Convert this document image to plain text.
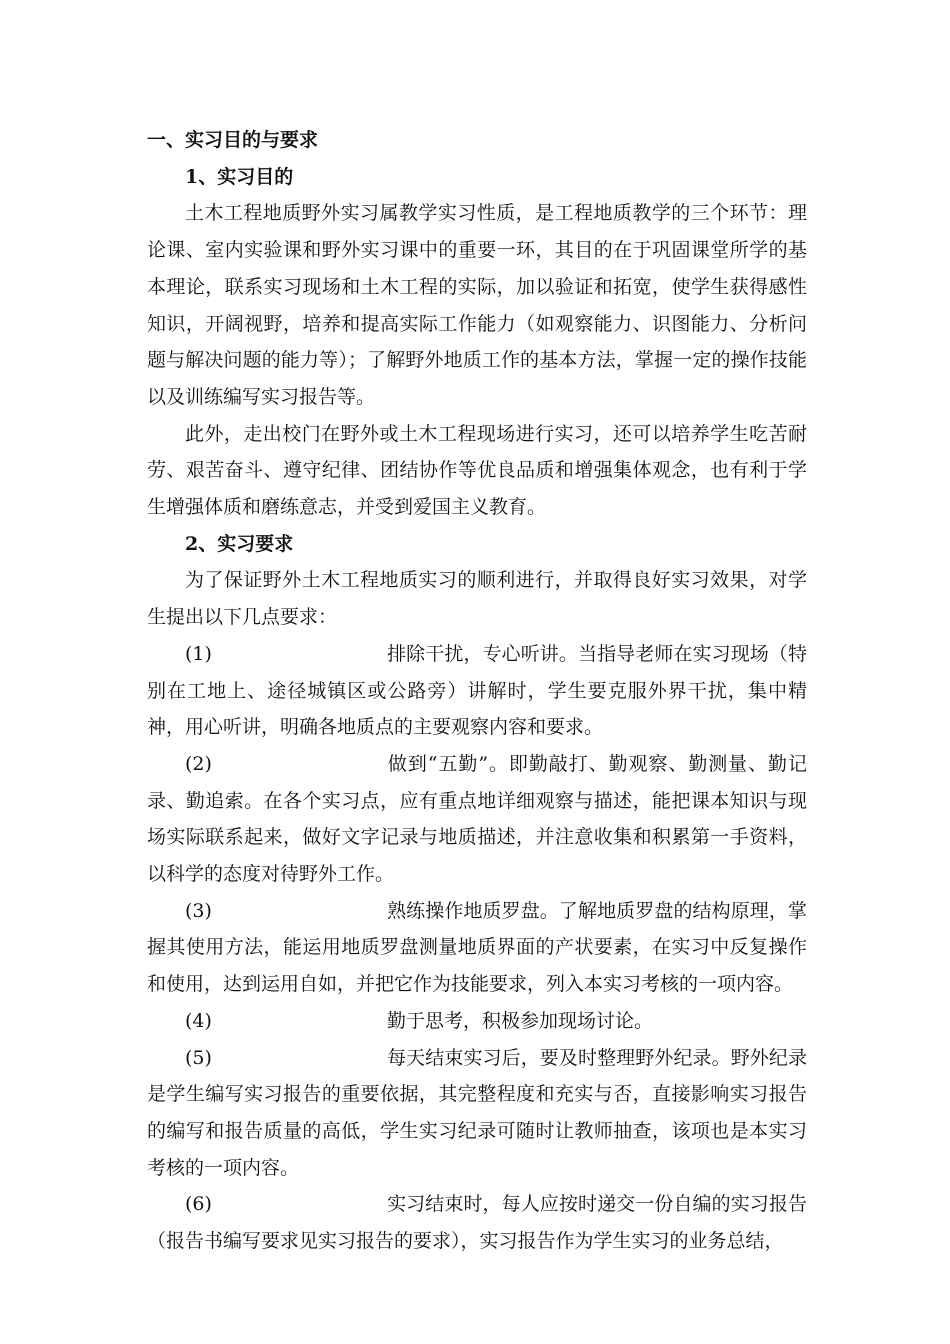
一、实习目的与要求

1、实习目的

土木工程地质野外实习属教学实习性质，是工程地质教学的三个环节：理论课、室内实验课和野外实习课中的重要一环，其目的在于巩固课堂所学的基本理论，联系实习现场和土木工程的实际，加以验证和拓宽，使学生获得感性知识，开阔视野，培养和提高实际工作能力（如观察能力、识图能力、分析问题与解决问题的能力等）；了解野外地质工作的基本方法，掌握一定的操作技能以及训练编写实习报告等。

此外，走出校门在野外或土木工程现场进行实习，还可以培养学生吃苦耐劳、艰苦奋斗、遵守纪律、团结协作等优良品质和增强集体观念，也有利于学生增强体质和磨练意志，并受到爱国主义教育。

2、实习要求

为了保证野外土木工程地质实习的顺利进行，并取得良好实习效果，对学生提出以下几点要求：

(1)	排除干扰，专心听讲。当指导老师在实习现场（特别在工地上、途径城镇区或公路旁）讲解时，学生要克服外界干扰，集中精神，用心听讲，明确各地质点的主要观察内容和要求。

(2)	做到“五勤”。即勤敲打、勤观察、勤测量、勤记录、勤追索。在各个实习点，应有重点地详细观察与描述，能把课本知识与现场实际联系起来，做好文字记录与地质描述，并注意收集和积累第一手资料，以科学的态度对待野外工作。

(3)	熟练操作地质罗盘。了解地质罗盘的结构原理，掌握其使用方法，能运用地质罗盘测量地质界面的产状要素，在实习中反复操作和使用，达到运用自如，并把它作为技能要求，列入本实习考核的一项内容。

(4)	勤于思考，积极参加现场讨论。

(5)	每天结束实习后，要及时整理野外纪录。野外纪录是学生编写实习报告的重要依据，其完整程度和充实与否，直接影响实习报告的编写和报告质量的高低，学生实习纪录可随时让教师抽查，该项也是本实习考核的一项内容。

(6)	实习结束时，每人应按时递交一份自编的实习报告（报告书编写要求见实习报告的要求），实习报告作为学生实习的业务总结，
